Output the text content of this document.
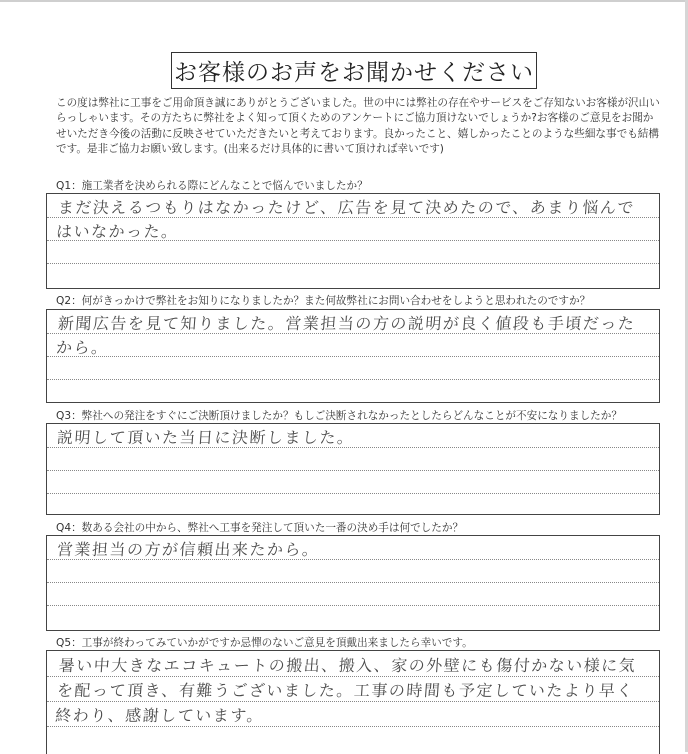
お客様のお声をお聞かせください

この度は弊社に工事をご用命頂き誠にありがとうございました。世の中には弊社の存在やサービスをご存知ないお客様が沢山いらっしゃいます。その方たちに弊社をよく知って頂くためのアンケートにご協力頂けないでしょうか?お客様のご意見をお聞かせいただき今後の活動に反映させていただきたいと考えております。良かったこと、嬉しかったことのような些細な事でも結構です。是非ご協力お願い致します。(出来るだけ具体的に書いて頂ければ幸いです)

Q1：施工業者を決められる際にどんなことで悩んでいましたか？

まだ決えるつもりはなかったけど、広告を見て決めたので、あまり悩んではいなかった。

Q2：何がきっかけで弊社をお知りになりましたか？また何故弊社にお問い合わせをしようと思われたのですか？

新聞広告を見て知りました。営業担当の方の説明が良く値段も手頃だったから。

Q3：弊社への発注をすぐにご決断頂けましたか？もしご決断されなかったとしたらどんなことが不安になりましたか？

説明して頂いた当日に決断しました。

Q4：数ある会社の中から、弊社へ工事を発注して頂いた一番の決め手は何でしたか？

営業担当の方が信頼出来たから。

Q5：工事が終わってみていかがですか忌憚のないご意見を頂戴出来ましたら幸いです。

暑い中大きなエコキュートの搬出、搬入、家の外壁にも傷付かない様に気を配って頂き、有難うございました。工事の時間も予定していたより早く終わり、感謝しています。
